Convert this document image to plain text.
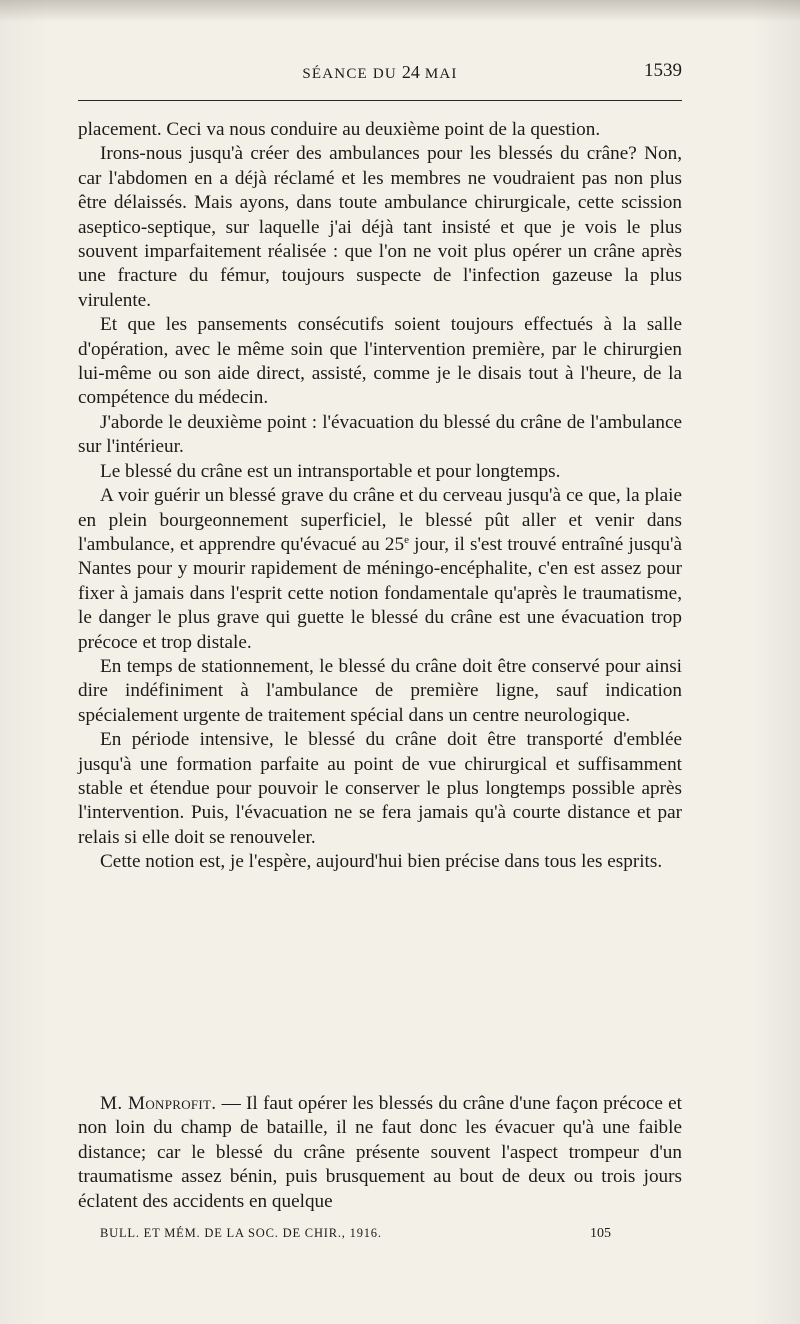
SÉANCE DU 24 MAI	1539

placement. Ceci va nous conduire au deuxième point de la question.

Irons-nous jusqu'à créer des ambulances pour les blessés du crâne? Non, car l'abdomen en a déjà réclamé et les membres ne voudraient pas non plus être délaissés. Mais ayons, dans toute ambulance chirurgicale, cette scission aseptico-septique, sur laquelle j'ai déjà tant insisté et que je vois le plus souvent imparfaitement réalisée : que l'on ne voit plus opérer un crâne après une fracture du fémur, toujours suspecte de l'infection gazeuse la plus virulente.

Et que les pansements consécutifs soient toujours effectués à la salle d'opération, avec le même soin que l'intervention première, par le chirurgien lui-même ou son aide direct, assisté, comme je le disais tout à l'heure, de la compétence du médecin.

J'aborde le deuxième point : l'évacuation du blessé du crâne de l'ambulance sur l'intérieur.

Le blessé du crâne est un intransportable et pour longtemps.

A voir guérir un blessé grave du crâne et du cerveau jusqu'à ce que, la plaie en plein bourgeonnement superficiel, le blessé pût aller et venir dans l'ambulance, et apprendre qu'évacué au 25e jour, il s'est trouvé entraîné jusqu'à Nantes pour y mourir rapidement de méningo-encéphalite, c'en est assez pour fixer à jamais dans l'esprit cette notion fondamentale qu'après le traumatisme, le danger le plus grave qui guette le blessé du crâne est une évacuation trop précoce et trop distale.

En temps de stationnement, le blessé du crâne doit être conservé pour ainsi dire indéfiniment à l'ambulance de première ligne, sauf indication spécialement urgente de traitement spécial dans un centre neurologique.

En période intensive, le blessé du crâne doit être transporté d'emblée jusqu'à une formation parfaite au point de vue chirurgical et suffisamment stable et étendue pour pouvoir le conserver le plus longtemps possible après l'intervention. Puis, l'évacuation ne se fera jamais qu'à courte distance et par relais si elle doit se renouveler.

Cette notion est, je l'espère, aujourd'hui bien précise dans tous les esprits.

M. Monprofit. — Il faut opérer les blessés du crâne d'une façon précoce et non loin du champ de bataille, il ne faut donc les évacuer qu'à une faible distance; car le blessé du crâne présente souvent l'aspect trompeur d'un traumatisme assez bénin, puis brusquement au bout de deux ou trois jours éclatent des accidents en quelque

BULL. ET MÉM. DE LA SOC. DE CHIR., 1916.	105
